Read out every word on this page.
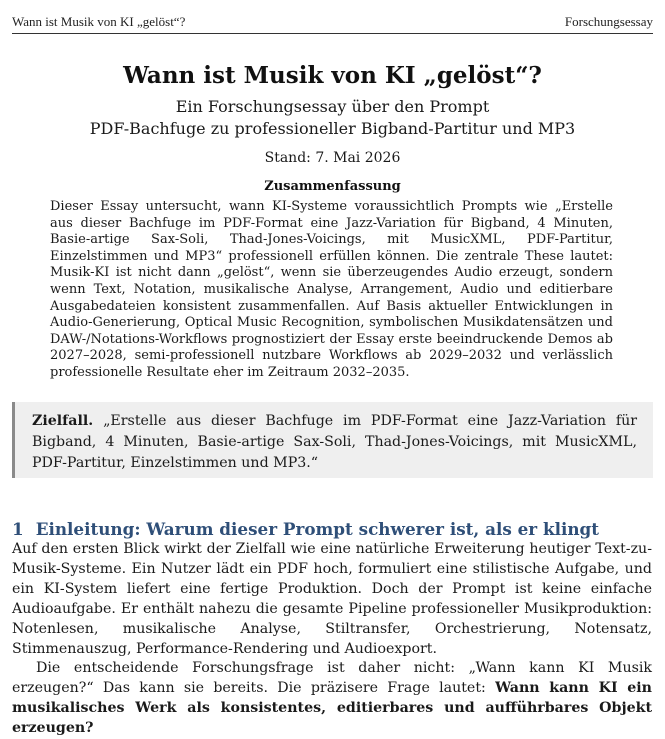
Wann ist Musik von KI „gelöst“?	Forschungsessay
Wann ist Musik von KI „gelöst“?
Ein Forschungsessay über den Prompt
PDF-Bachfuge zu professioneller Bigband-Partitur und MP3
Stand: 7. Mai 2026
Zusammenfassung

Dieser Essay untersucht, wann KI-Systeme voraussichtlich Prompts wie „Erstelle aus dieser Bachfuge im PDF-Format eine Jazz-Variation für Bigband, 4 Minuten, Basie-artige Sax-Soli, Thad-Jones-Voicings, mit MusicXML, PDF-Partitur, Einzelstimmen und MP3“ professionell erfüllen können. Die zentrale These lautet: Musik-KI ist nicht dann „gelöst“, wenn sie überzeugendes Audio erzeugt, sondern wenn Text, Notation, musikalische Analyse, Arrangement, Audio und editierbare Ausgabedateien konsistent zusammenfallen. Auf Basis aktueller Entwicklungen in Audio-Generierung, Optical Music Recognition, symbolischen Musikdatensätzen und DAW-/Notations-Workflows prognostiziert der Essay erste beeindruckende Demos ab 2027–2028, semi-professionell nutzbare Workflows ab 2029–2032 und verlässlich professionelle Resultate eher im Zeitraum 2032–2035.

Zielfall. „Erstelle aus dieser Bachfuge im PDF-Format eine Jazz-Variation für Bigband, 4 Minuten, Basie-artige Sax-Soli, Thad-Jones-Voicings, mit MusicXML, PDF-Partitur, Einzelstimmen und MP3.“
1 Einleitung: Warum dieser Prompt schwerer ist, als er klingt

Auf den ersten Blick wirkt der Zielfall wie eine natürliche Erweiterung heutiger Text-zu-Musik-Systeme. Ein Nutzer lädt ein PDF hoch, formuliert eine stilistische Aufgabe, und ein KI-System liefert eine fertige Produktion. Doch der Prompt ist keine einfache Audioaufgabe. Er enthält nahezu die gesamte Pipeline professioneller Musikproduktion: Notenlesen, musikalische Analyse, Stiltransfer, Orchestrierung, Notensatz, Stimmenauszug, Performance-Rendering und Audioexport.

Die entscheidende Forschungsfrage ist daher nicht: „Wann kann KI Musik erzeugen?“ Das kann sie bereits. Die präzisere Frage lautet: Wann kann KI ein musikalisches Werk als konsistentes, editierbares und aufführbares Objekt erzeugen?
